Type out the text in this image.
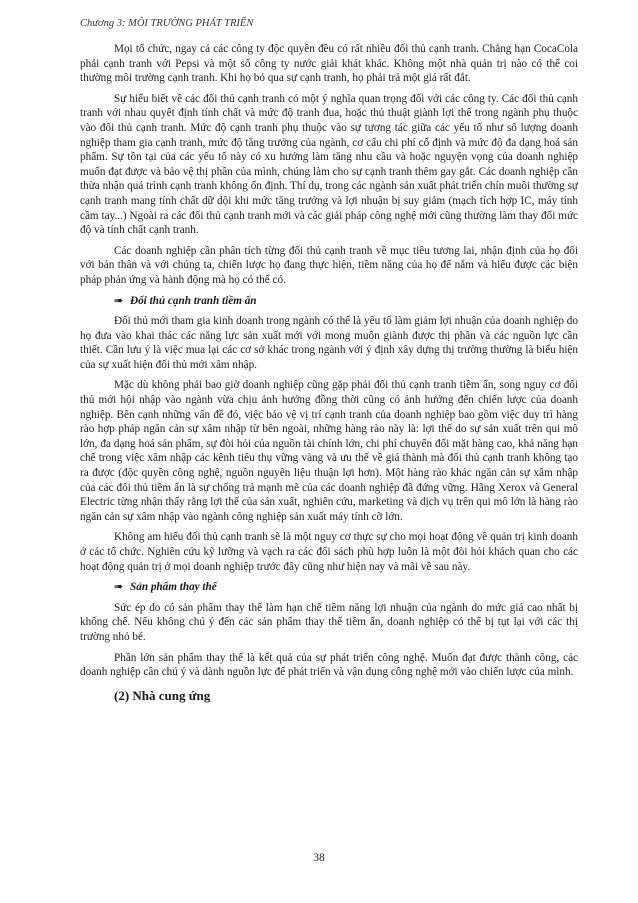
Chương 3: MÔI TRƯỜNG PHÁT TRIỂN

Mọi tổ chức, ngay cả các công ty độc quyền đều có rất nhiều đối thủ cạnh tranh. Chẳng hạn CocaCola phải cạnh tranh với Pepsi và một số công ty nước giải khát khác. Không một nhà quản trị nào có thể coi thường môi trường cạnh tranh. Khi họ bỏ qua sự cạnh tranh, họ phải trả một giá rất đắt.

Sự hiểu biết về các đối thủ cạnh tranh có một ý nghĩa quan trọng đối với các công ty. Các đối thủ cạnh tranh với nhau quyết định tính chất và mức độ tranh đua, hoặc thủ thuật giành lợi thế trong ngành phụ thuộc vào đối thủ cạnh tranh. Mức độ cạnh tranh phụ thuộc vào sự tương tác giữa các yếu tố như số lượng doanh nghiệp tham gia cạnh tranh, mức độ tăng trưởng của ngành, cơ cấu chi phí cố định và mức độ đa dạng hoá sản phẩm. Sự tồn tại của các yếu tố này có xu hướng làm tăng nhu cầu và hoặc nguyện vọng của doanh nghiệp muốn đạt được và bảo vệ thị phần của mình, chúng làm cho sự cạnh tranh thêm gay gắt. Các doanh nghiệp cần thừa nhận quá trình cạnh tranh không ổn định. Thí dụ, trong các ngành sản xuất phát triển chín muồi thường sự cạnh tranh mang tính chất dữ dội khi mức tăng trưởng và lợi nhuận bị suy giảm (mạch tích hợp IC, máy tính cầm tay...) Ngoài ra các đối thủ cạnh tranh mới và các giải pháp công nghệ mới cũng thường làm thay đổi mức độ và tính chất cạnh tranh.

Các doanh nghiệp cần phân tích từng đối thủ cạnh tranh về mục tiêu tương lai, nhận định của họ đối với bản thân và với chúng ta, chiến lược họ đang thực hiện, tiềm năng của họ để nắm và hiểu được các biện pháp phản ứng và hành động mà họ có thể có.

➠ Đối thủ cạnh tranh tiềm ẩn

Đối thủ mới tham gia kinh doanh trong ngành có thể là yếu tố làm giảm lợi nhuận của doanh nghiệp do họ đưa vào khai thác các năng lực sản xuất mới với mong muốn giành được thị phần và các nguồn lực cần thiết. Cần lưu ý là việc mua lại các cơ sở khác trong ngành với ý định xây dựng thị trường thường là biểu hiện của sự xuất hiện đối thủ mới xâm nhập.

Mặc dù không phải bao giờ doanh nghiệp cũng gặp phải đối thủ cạnh tranh tiềm ẩn, song nguy cơ đối thủ mới hội nhập vào ngành vừa chịu ảnh hưởng đồng thời cũng có ảnh hưởng đến chiến lược của doanh nghiệp. Bên cạnh những vấn đề đó, việc bảo vệ vị trí cạnh tranh của doanh nghiệp bao gồm việc duy trì hàng rào hợp pháp ngăn cản sự xâm nhập từ bên ngoài, những hàng rào này là: lợi thế do sự sản xuất trên qui mô lớn, đa dạng hoá sản phẩm, sự đòi hỏi của nguồn tài chính lớn, chi phí chuyển đổi mặt hàng cao, khả năng hạn chế trong việc xâm nhập các kênh tiêu thụ vững vàng và ưu thế về giá thành mà đối thủ cạnh tranh không tạo ra được (độc quyền công nghệ, nguồn nguyên liệu thuận lợi hơn). Một hàng rào khác ngăn cản sự xâm nhập của các đối thủ tiềm ẩn là sự chống trả mạnh mẽ của các doanh nghiệp đã đứng vững. Hãng Xerox và General Electric từng nhận thấy rằng lợi thế của sản xuất, nghiên cứu, marketing và dịch vụ trên qui mô lớn là hàng rào ngăn cản sự xâm nhập vào ngành công nghiệp sản xuất máy tính cỡ lớn.

Không am hiểu đối thủ cạnh tranh sẽ là một nguy cơ thực sự cho mọi hoạt động về quản trị kinh doanh ở các tổ chức. Nghiên cứu kỹ lưỡng và vạch ra các đối sách phù hợp luôn là một đòi hỏi khách quan cho các hoạt động quản trị ở mọi doanh nghiệp trước đây cũng như hiện nay và mãi về sau này.

➠ Sản phẩm thay thế

Sức ép do có sản phẩm thay thế làm hạn chế tiềm năng lợi nhuận của ngành do mức giá cao nhất bị khống chế. Nếu không chú ý đến các sản phẩm thay thế tiềm ẩn, doanh nghiệp có thể bị tụt lại với các thị trường nhỏ bé.

Phần lớn sản phẩm thay thế là kết quả của sự phát triển công nghệ. Muốn đạt được thành công, các doanh nghiệp cần chú ý và dành nguồn lực để phát triển và vận dụng công nghệ mới vào chiến lược của mình.

(2) Nhà cung ứng
38
